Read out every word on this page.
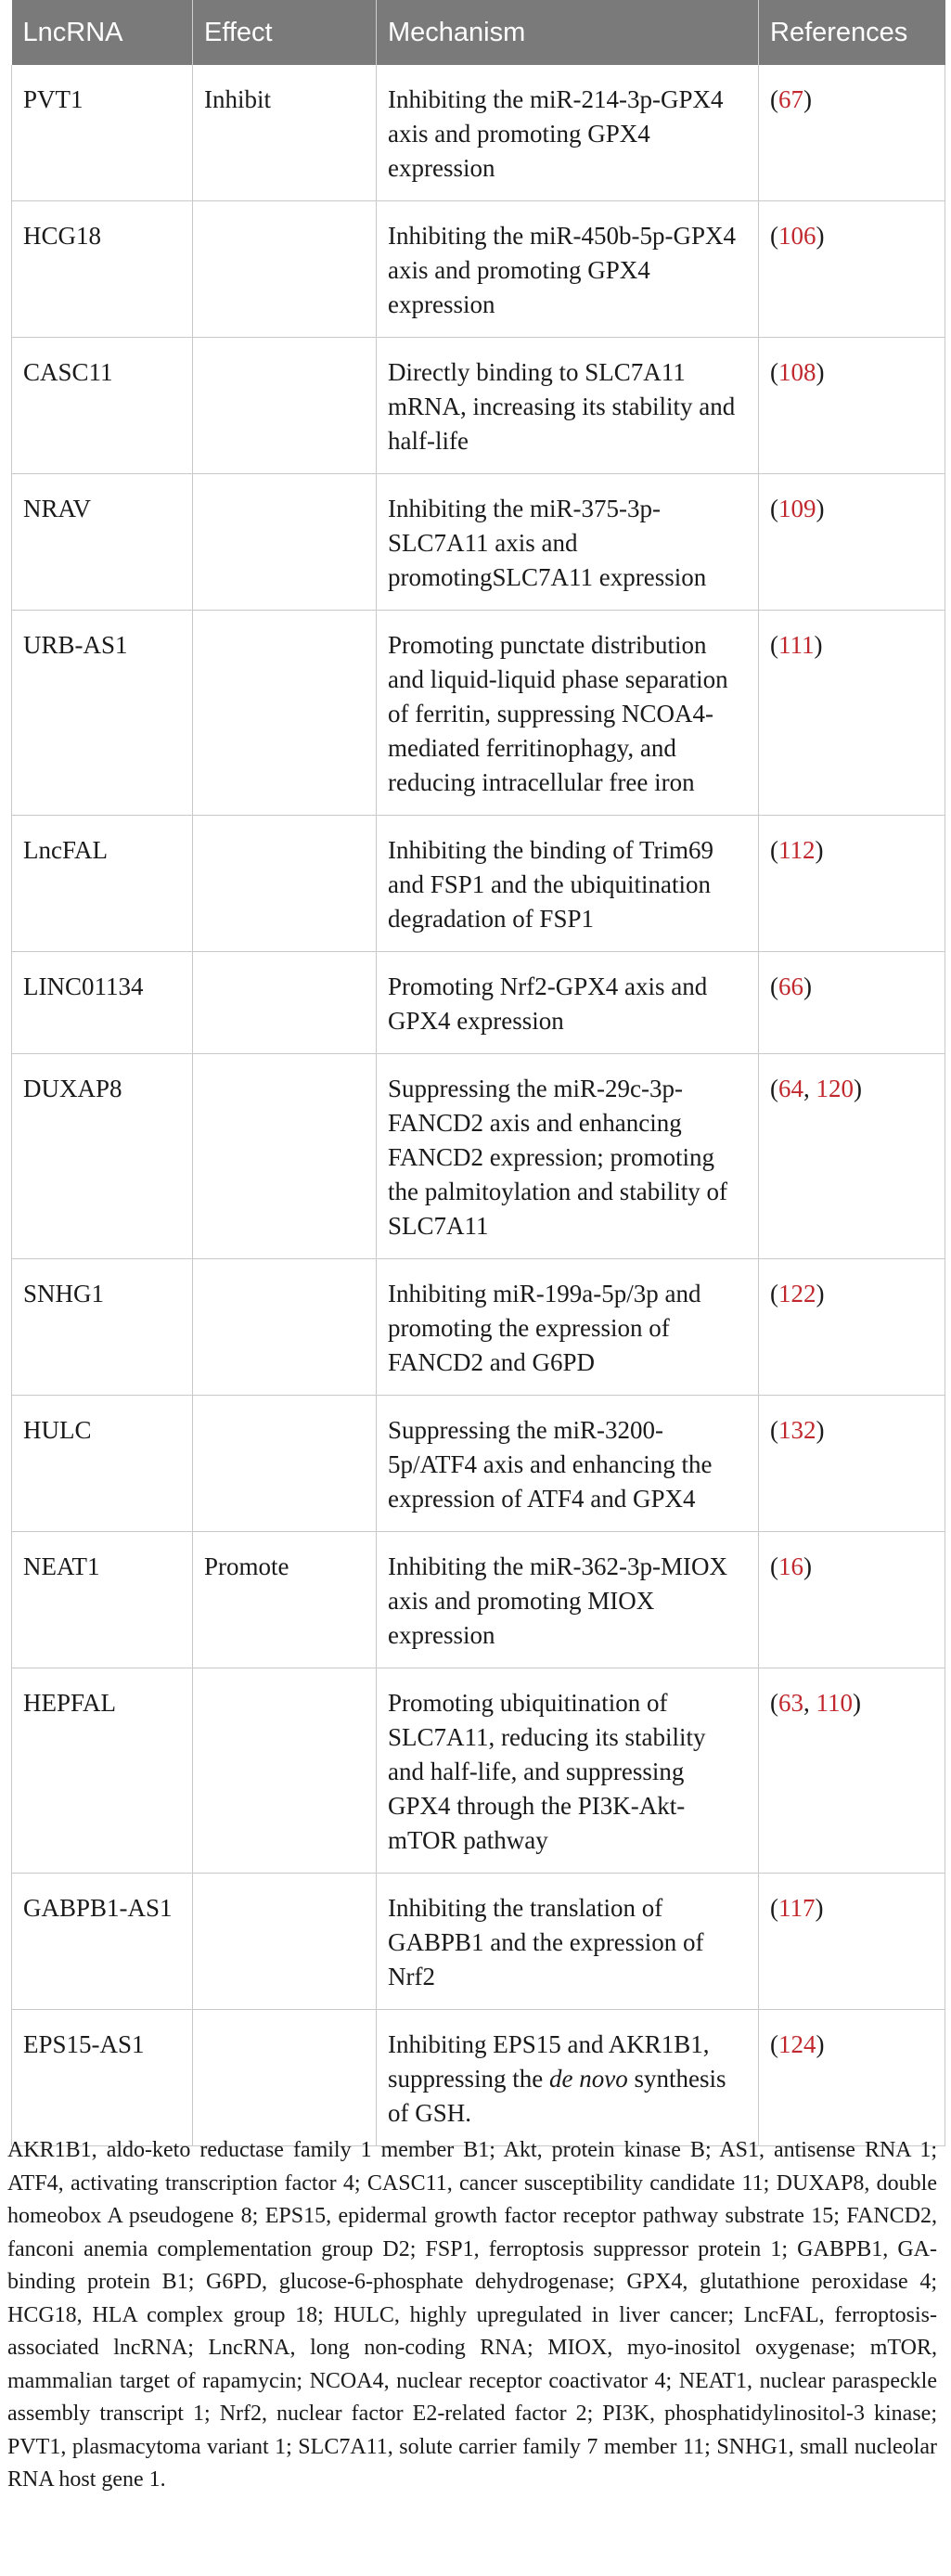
LncRNA	Effect	Mechanism	References
PVT1	Inhibit	Inhibiting the miR-214-3p-GPX4 axis and promoting GPX4 expression	(67)
HCG18		Inhibiting the miR-450b-5p-GPX4 axis and promoting GPX4 expression	(106)
CASC11		Directly binding to SLC7A11 mRNA, increasing its stability and half-life	(108)
NRAV		Inhibiting the miR-375-3p-SLC7A11 axis and promotingSLC7A11 expression	(109)
URB-AS1		Promoting punctate distribution and liquid-liquid phase separation of ferritin, suppressing NCOA4-mediated ferritinophagy, and reducing intracellular free iron	(111)
LncFAL		Inhibiting the binding of Trim69 and FSP1 and the ubiquitination degradation of FSP1	(112)
LINC01134		Promoting Nrf2-GPX4 axis and GPX4 expression	(66)
DUXAP8		Suppressing the miR-29c-3p-FANCD2 axis and enhancing FANCD2 expression; promoting the palmitoylation and stability of SLC7A11	(64, 120)
SNHG1		Inhibiting miR-199a-5p/3p and promoting the expression of FANCD2 and G6PD	(122)
HULC		Suppressing the miR-3200-5p/ATF4 axis and enhancing the expression of ATF4 and GPX4	(132)
NEAT1	Promote	Inhibiting the miR-362-3p-MIOX axis and promoting MIOX expression	(16)
HEPFAL		Promoting ubiquitination of SLC7A11, reducing its stability and half-life, and suppressing GPX4 through the PI3K-Akt-mTOR pathway	(63, 110)
GABPB1-AS1		Inhibiting the translation of GABPB1 and the expression of Nrf2	(117)
EPS15-AS1		Inhibiting EPS15 and AKR1B1, suppressing the de novo synthesis of GSH.	(124)
AKR1B1, aldo-keto reductase family 1 member B1; Akt, protein kinase B; AS1, antisense RNA 1; ATF4, activating transcription factor 4; CASC11, cancer susceptibility candidate 11; DUXAP8, double homeobox A pseudogene 8; EPS15, epidermal growth factor receptor pathway substrate 15; FANCD2, fanconi anemia complementation group D2; FSP1, ferroptosis suppressor protein 1; GABPB1, GA-binding protein B1; G6PD, glucose-6-phosphate dehydrogenase; GPX4, glutathione peroxidase 4; HCG18, HLA complex group 18; HULC, highly upregulated in liver cancer; LncFAL, ferroptosis-associated lncRNA; LncRNA, long non-coding RNA; MIOX, myo-inositol oxygenase; mTOR, mammalian target of rapamycin; NCOA4, nuclear receptor coactivator 4; NEAT1, nuclear paraspeckle assembly transcript 1; Nrf2, nuclear factor E2-related factor 2; PI3K, phosphatidylinositol-3 kinase; PVT1, plasmacytoma variant 1; SLC7A11, solute carrier family 7 member 11; SNHG1, small nucleolar RNA host gene 1.
